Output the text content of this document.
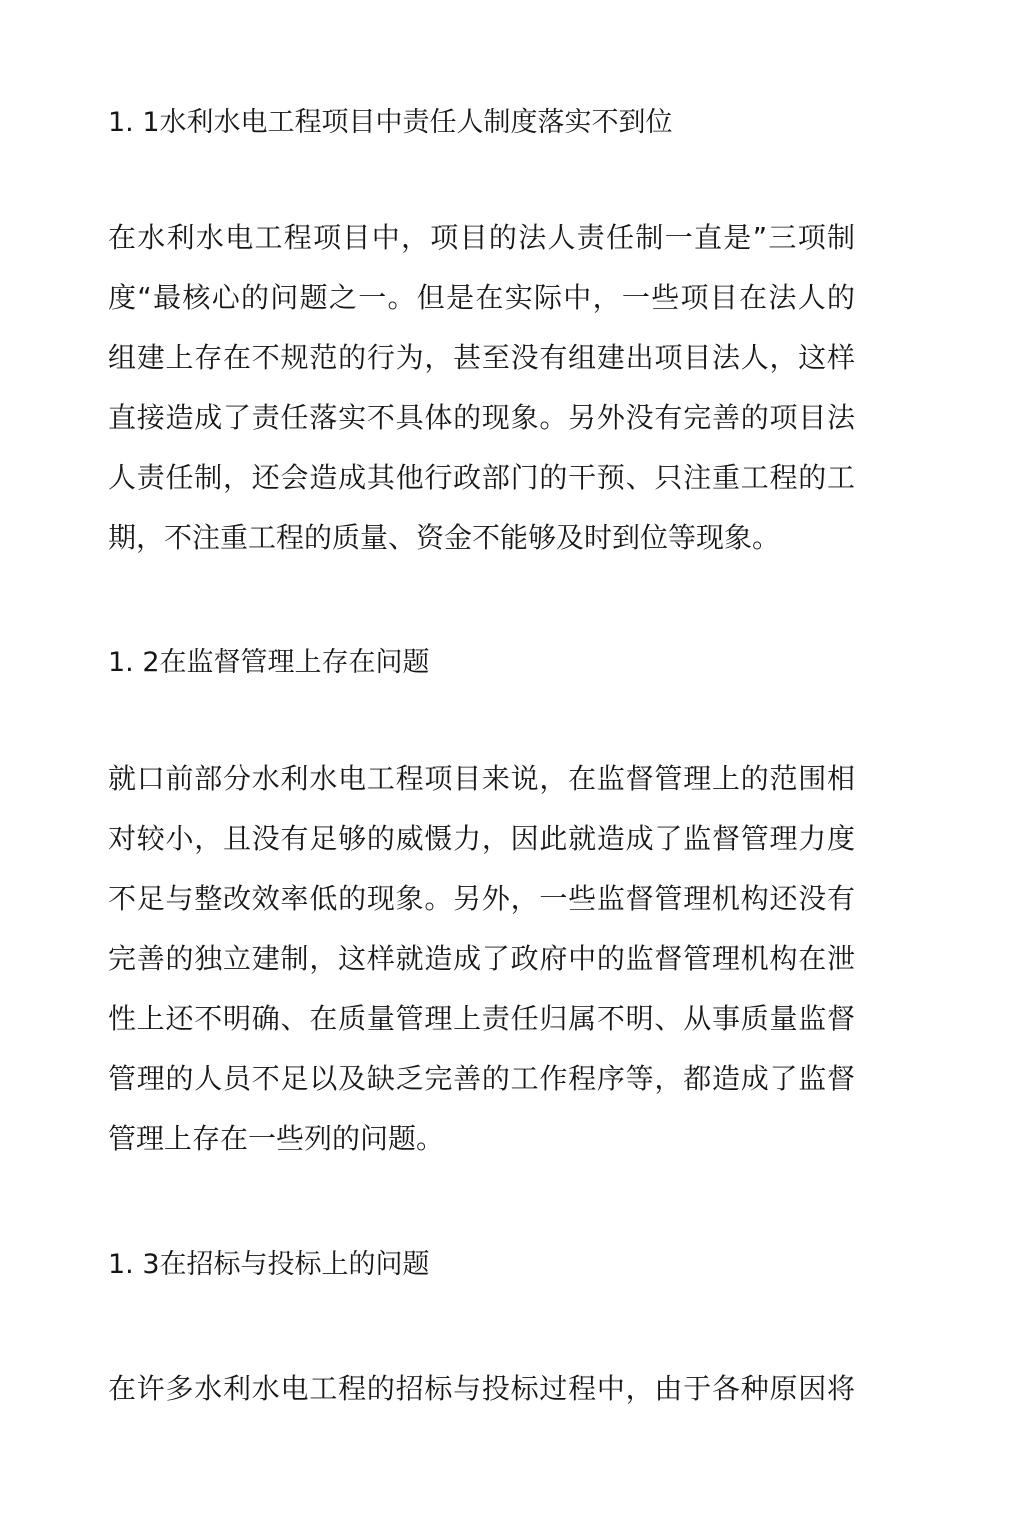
1. 1水利水电工程项目中责任人制度落实不到位
在水利水电工程项目中，项目的法人责任制一直是”三项制
度“最核心的问题之一。但是在实际中，一些项目在法人的
组建上存在不规范的行为，甚至没有组建出项目法人，这样
直接造成了责任落实不具体的现象。另外没有完善的项目法
人责任制，还会造成其他行政部门的干预、只注重工程的工
期，不注重工程的质量、资金不能够及时到位等现象。
1. 2在监督管理上存在问题
就口前部分水利水电工程项目来说，在监督管理上的范围相
对较小，且没有足够的威慑力，因此就造成了监督管理力度
不足与整改效率低的现象。另外，一些监督管理机构还没有
完善的独立建制，这样就造成了政府中的监督管理机构在泄
性上还不明确、在质量管理上责任归属不明、从事质量监督
管理的人员不足以及缺乏完善的工作程序等，都造成了监督
管理上存在一些列的问题。
1. 3在招标与投标上的问题
在许多水利水电工程的招标与投标过程中，由于各种原因将
